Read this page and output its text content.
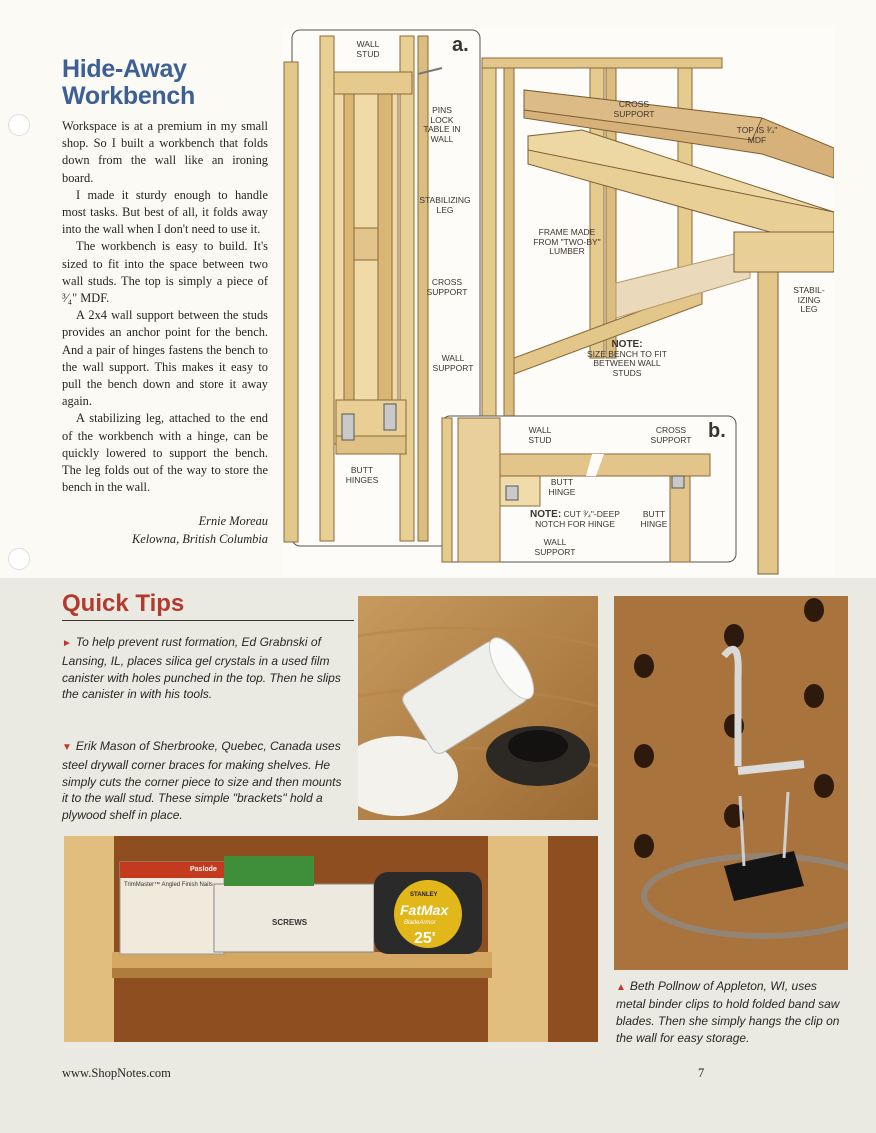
Hide-Away Workbench

Workspace is at a premium in my small shop. So I built a workbench that folds down from the wall like an ironing board.

I made it sturdy enough to handle most tasks. But best of all, it folds away into the wall when I don't need to use it.

The workbench is easy to build. It's sized to fit into the space between two wall studs. The top is simply a piece of ³⁄₄" MDF.

A 2x4 wall support between the studs provides an anchor point for the bench. And a pair of hinges fastens the bench to the wall support. This makes it easy to pull the bench down and store it away again.

A stabilizing leg, attached to the end of the workbench with a hinge, can be quickly lowered to support the bench. The leg folds out of the way to store the bench in the wall.

Ernie Moreau
Kelowna, British Columbia
a.
b.
WALL STUD
PINS LOCK TABLE IN WALL
STABILIZING LEG
CROSS SUPPORT
WALL SUPPORT
BUTT HINGES
CROSS SUPPORT
TOP IS ³⁄₄" MDF
FRAME MADE FROM "TWO-BY" LUMBER
STABIL- IZING LEG
NOTE:
SIZE BENCH TO FIT BETWEEN WALL STUDS
WALL STUD
CROSS SUPPORT
BUTT HINGE
BUTT HINGE
NOTE: CUT ³⁄₄"-DEEP NOTCH FOR HINGE
WALL SUPPORT
Quick Tips

► To help prevent rust formation, Ed Grabnski of Lansing, IL, places silica gel crystals in a used film canister with holes punched in the top. Then he slips the canister in with his tools.

▼ Erik Mason of Sherbrooke, Quebec, Canada uses steel drywall corner braces for making shelves. He simply cuts the corner piece to size and then mounts it to the wall stud. These simple "brackets" hold a plywood shelf in place.

Paslode
TrimMaster™ Angled Finish Nails
SCREWS
STANLEY
FatMax
BladeArmor
25'

▲ Beth Pollnow of Appleton, WI, uses metal binder clips to hold folded band saw blades. Then she simply hangs the clip on the wall for easy storage.

www.ShopNotes.com	7
